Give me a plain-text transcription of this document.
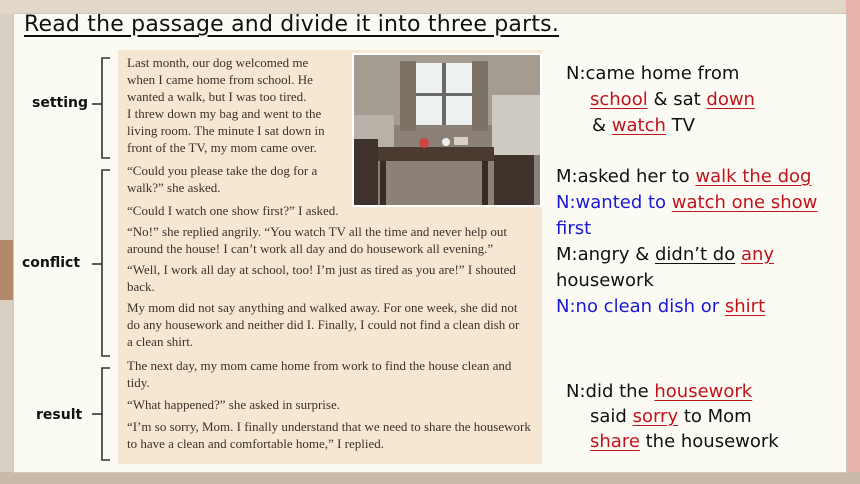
Read the passage and divide it into three parts.
Last month, our dog welcomed me
when I came home from school. He
wanted a walk, but I was too tired.
I threw down my bag and went to the
living room. The minute I sat down in
front of the TV, my mom came over.
“Could you please take the dog for a
walk?” she asked.
“Could I watch one show first?” I asked.
“No!” she replied angrily. “You watch TV all the time and never help out
around the house! I can’t work all day and do housework all evening.”
“Well, I work all day at school, too! I’m just as tired as you are!” I shouted
back.
My mom did not say anything and walked away. For one week, she did not
do any housework and neither did I. Finally, I could not find a clean dish or
a clean shirt.
The next day, my mom came home from work to find the house clean and
tidy.
“What happened?” she asked in surprise.
“I’m so sorry, Mom. I finally understand that we need to share the housework
to have a clean and comfortable home,” I replied.
setting
conflict
result
N:came home from
school & sat down
& watch TV
M:asked her to walk the dog
N:wanted to watch one show
first
M:angry & didn’t do any
housework
N:no clean dish or shirt
N:did the housework
said sorry to Mom
share the housework
